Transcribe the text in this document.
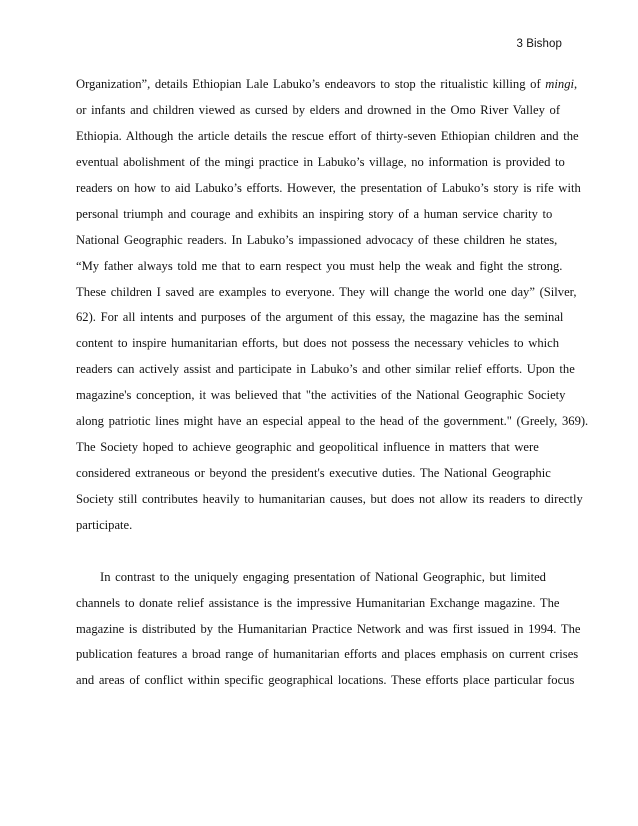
3 Bishop
Organization”, details Ethiopian Lale Labuko’s endeavors to stop the ritualistic killing of mingi,
or infants and children viewed as cursed by elders and drowned in the Omo River Valley of
Ethiopia. Although the article details the rescue effort of thirty-seven Ethiopian children and the
eventual abolishment of the mingi practice in Labuko’s village, no information is provided to
readers on how to aid Labuko’s efforts. However, the presentation of Labuko’s story is rife with
personal triumph and courage and exhibits an inspiring story of a human service charity to
National Geographic readers. In Labuko’s impassioned advocacy of these children he states,
“My father always told me that to earn respect you must help the weak and fight the strong.
These children I saved are examples to everyone. They will change the world one day” (Silver,
62). For all intents and purposes of the argument of this essay, the magazine has the seminal
content to inspire humanitarian efforts, but does not possess the necessary vehicles to which
readers can actively assist and participate in Labuko’s and other similar relief efforts. Upon the
magazine's conception, it was believed that "the activities of the National Geographic Society
along patriotic lines might have an especial appeal to the head of the government." (Greely, 369).
The Society hoped to achieve geographic and geopolitical influence in matters that were
considered extraneous or beyond the president's executive duties. The National Geographic
Society still contributes heavily to humanitarian causes, but does not allow its readers to directly
participate.
In contrast to the uniquely engaging presentation of National Geographic, but limited
channels to donate relief assistance is the impressive Humanitarian Exchange magazine. The
magazine is distributed by the Humanitarian Practice Network and was first issued in 1994. The
publication features a broad range of humanitarian efforts and places emphasis on current crises
and areas of conflict within specific geographical locations. These efforts place particular focus
